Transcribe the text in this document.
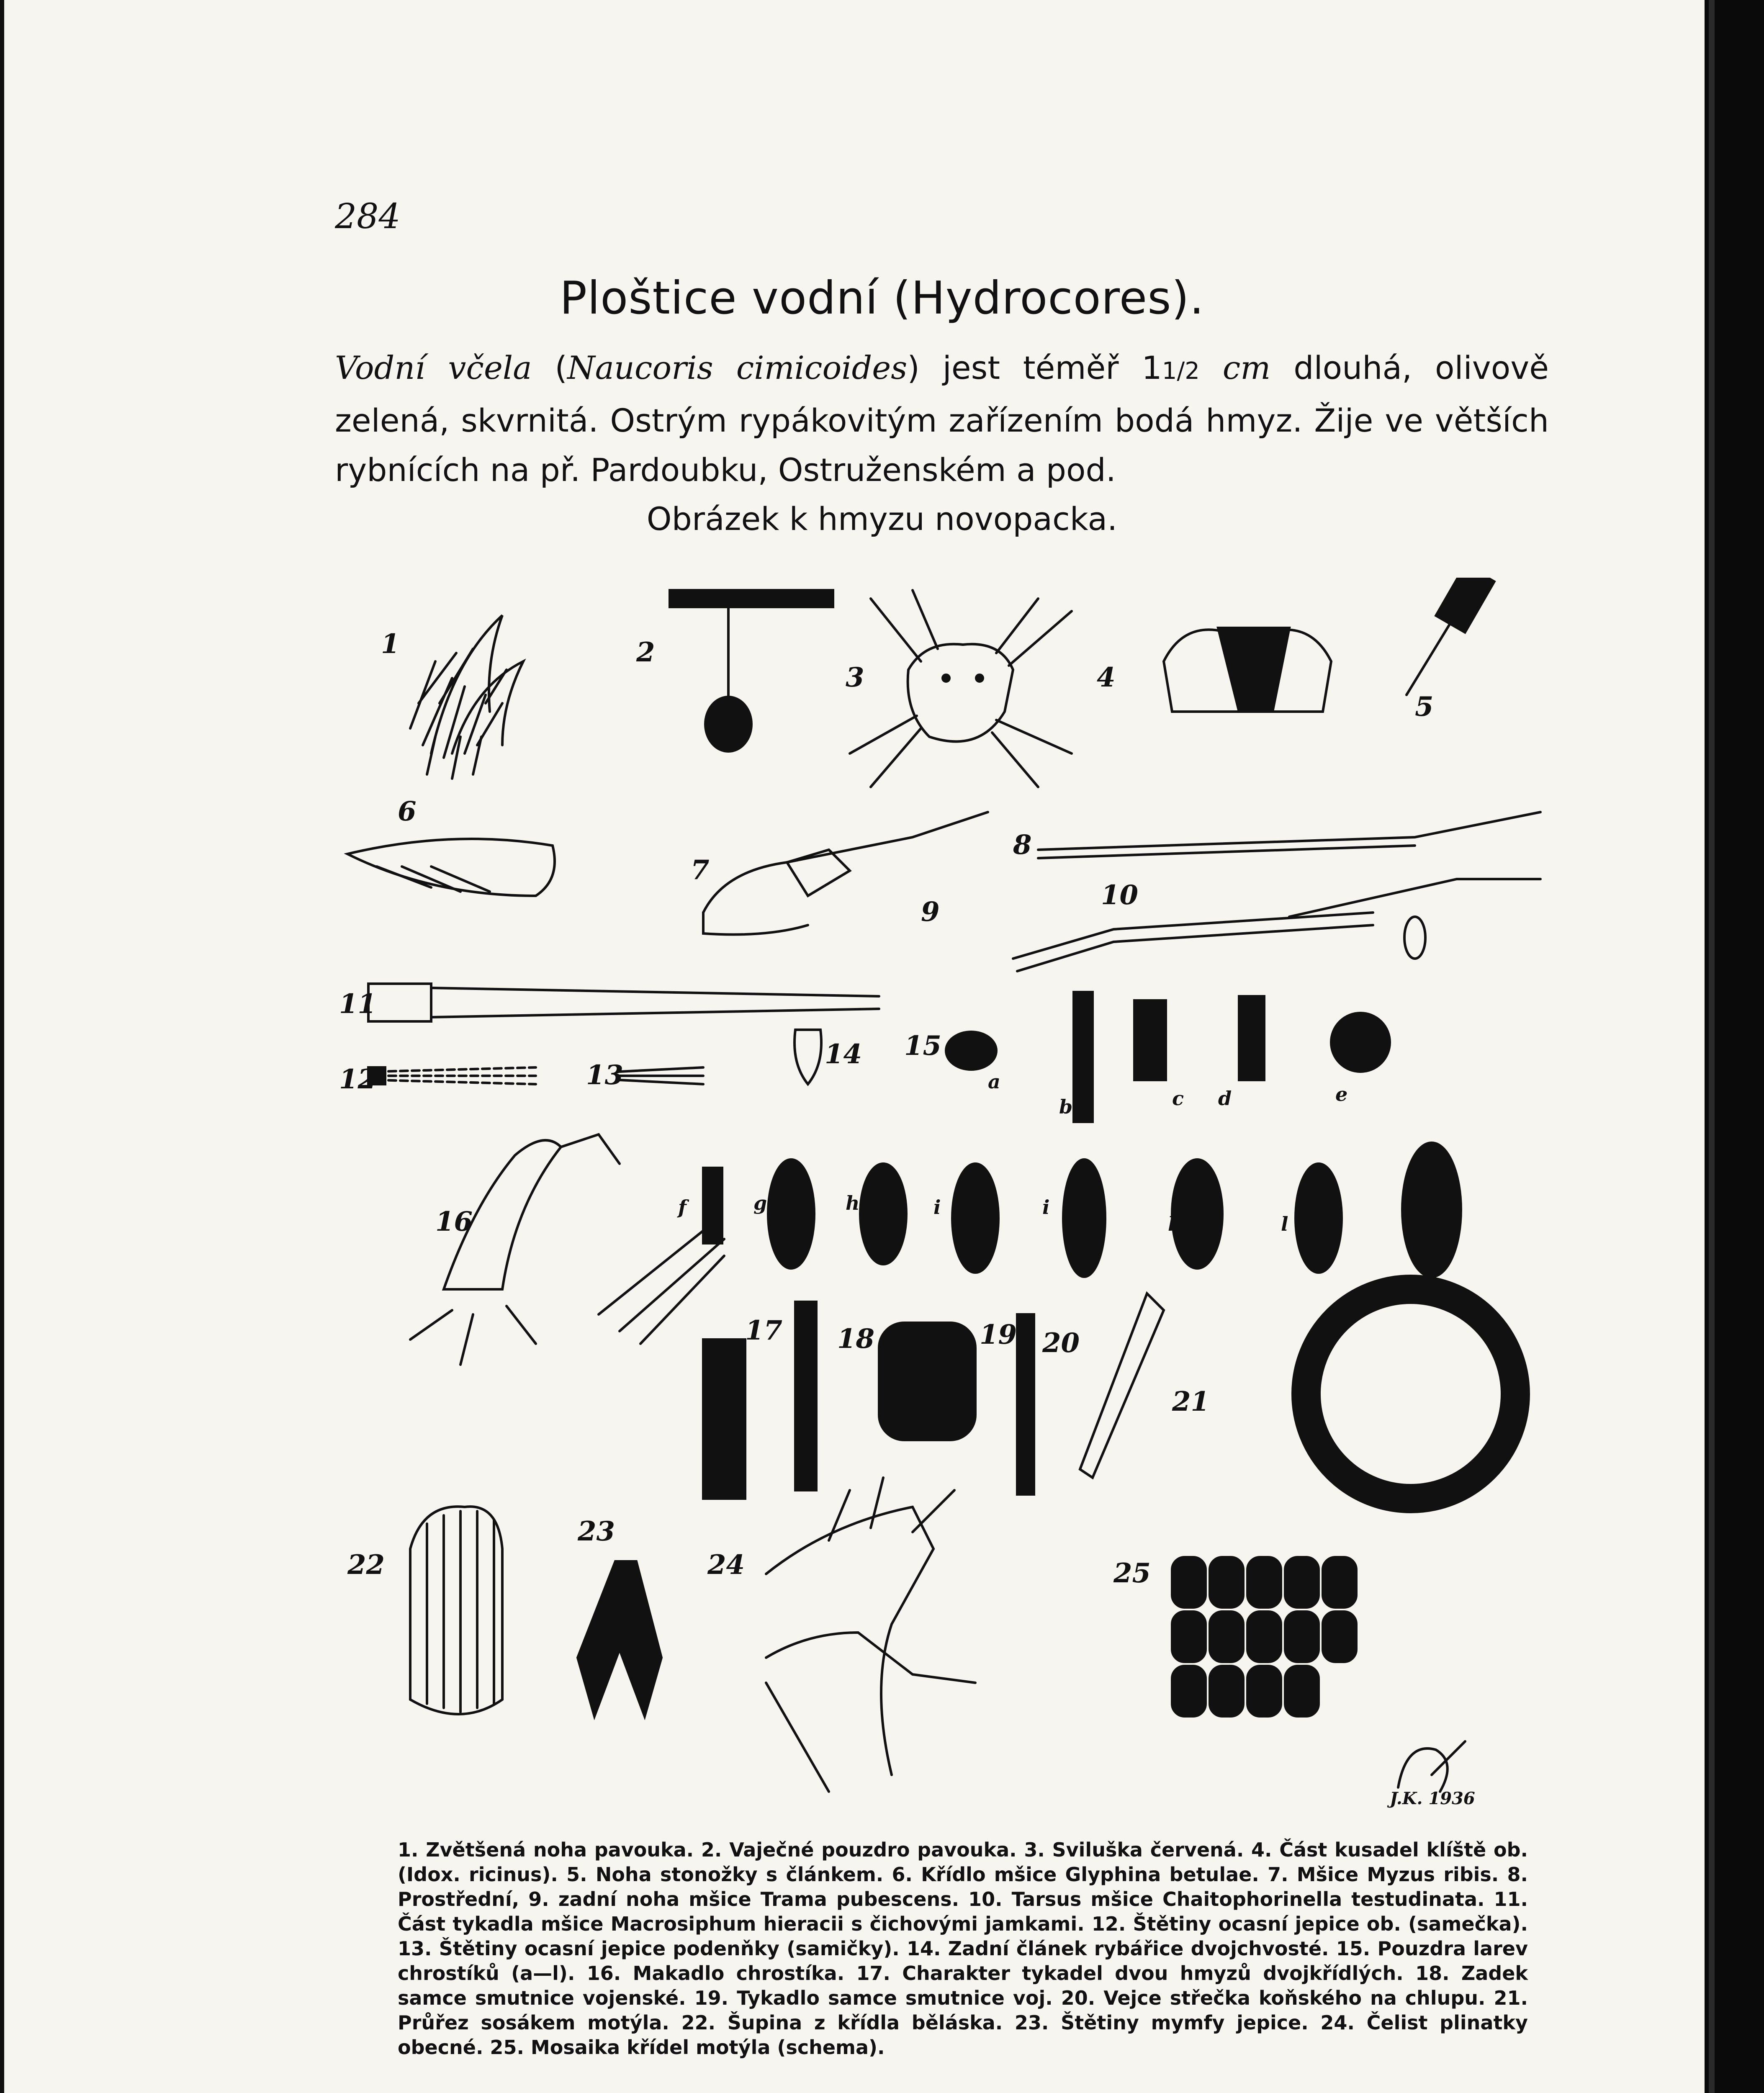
284
Ploštice vodní (Hydrocores).
Vodní včela (Naucoris cimicoides) jest téměř 11/2 cm dlouhá, olivově zelená, skvrnitá. Ostrým rypákovitým zařízením bodá hmyz. Žije ve větších rybnících na př. Pardoubku, Ostruženském a pod.
Obrázek k hmyzu novopacka.
1	2
3	4
5
6
7
8
9
10
11
12	13
14 15
16
17 18	19 20
21
22
23
24	25
a
b	c d	e
f	g	h	i	i
k	l
J.K. 1936
1. Zvětšená noha pavouka. 2. Vaječné pouzdro pavouka. 3. Sviluška červená. 4. Část kusadel klíště ob. (Idox. ricinus). 5. Noha stonožky s článkem. 6. Křídlo mšice Glyphina betulae. 7. Mšice Myzus ribis. 8. Prostřední, 9. zadní noha mšice Trama pubescens. 10. Tarsus mšice Chaitophorinella testudinata. 11. Část tykadla mšice Macrosiphum hieracii s čichovými jamkami. 12. Štětiny ocasní jepice ob. (samečka). 13. Štětiny ocasní jepice podenňky (samičky). 14. Zadní článek rybářice dvojchvosté. 15. Pouzdra larev chrostíků (a—l). 16. Makadlo chrostíka. 17. Charakter tykadel dvou hmyzů dvojkřídlých. 18. Zadek samce smutnice vojenské. 19. Tykadlo samce smutnice voj. 20. Vejce střečka koňského na chlupu. 21. Průřez sosákem motýla. 22. Šupina z křídla běláska. 23. Štětiny mymfy jepice. 24. Čelist plinatky obecné. 25. Mosaika křídel motýla (schema).
